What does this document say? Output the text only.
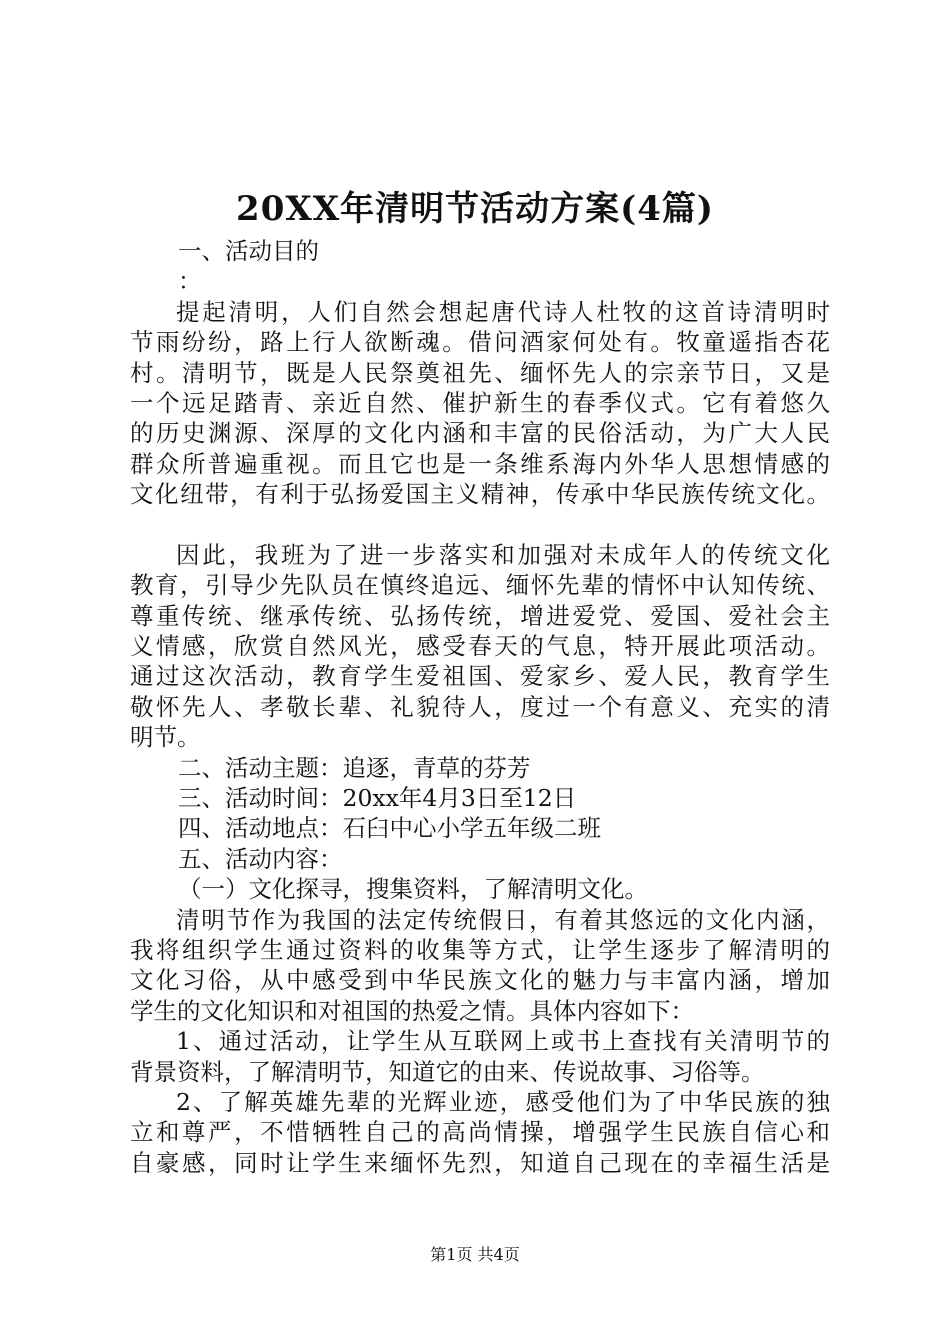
20XX年清明节活动方案(4篇)
一、活动目的
：
提起清明，人们自然会想起唐代诗人杜牧的这首诗清明时
节雨纷纷，路上行人欲断魂。借问酒家何处有。牧童遥指杏花
村。清明节，既是人民祭奠祖先、缅怀先人的宗亲节日，又是
一个远足踏青、亲近自然、催护新生的春季仪式。它有着悠久
的历史渊源、深厚的文化内涵和丰富的民俗活动，为广大人民
群众所普遍重视。而且它也是一条维系海内外华人思想情感的
文化纽带，有利于弘扬爱国主义精神，传承中华民族传统文化。
因此，我班为了进一步落实和加强对未成年人的传统文化
教育，引导少先队员在慎终追远、缅怀先辈的情怀中认知传统、
尊重传统、继承传统、弘扬传统，增进爱党、爱国、爱社会主
义情感，欣赏自然风光，感受春天的气息，特开展此项活动。
通过这次活动，教育学生爱祖国、爱家乡、爱人民，教育学生
敬怀先人、孝敬长辈、礼貌待人，度过一个有意义、充实的清
明节。
二、活动主题：追逐，青草的芬芳
三、活动时间：20xx年4月3日至12日
四、活动地点：石臼中心小学五年级二班
五、活动内容：
（一）文化探寻，搜集资料，了解清明文化。
清明节作为我国的法定传统假日，有着其悠远的文化内涵，
我将组织学生通过资料的收集等方式，让学生逐步了解清明的
文化习俗，从中感受到中华民族文化的魅力与丰富内涵，增加
学生的文化知识和对祖国的热爱之情。具体内容如下：
1、通过活动，让学生从互联网上或书上查找有关清明节的
背景资料，了解清明节，知道它的由来、传说故事、习俗等。
2、了解英雄先辈的光辉业迹，感受他们为了中华民族的独
立和尊严，不惜牺牲自己的高尚情操，增强学生民族自信心和
自豪感，同时让学生来缅怀先烈，知道自己现在的幸福生活是
第1页 共4页
